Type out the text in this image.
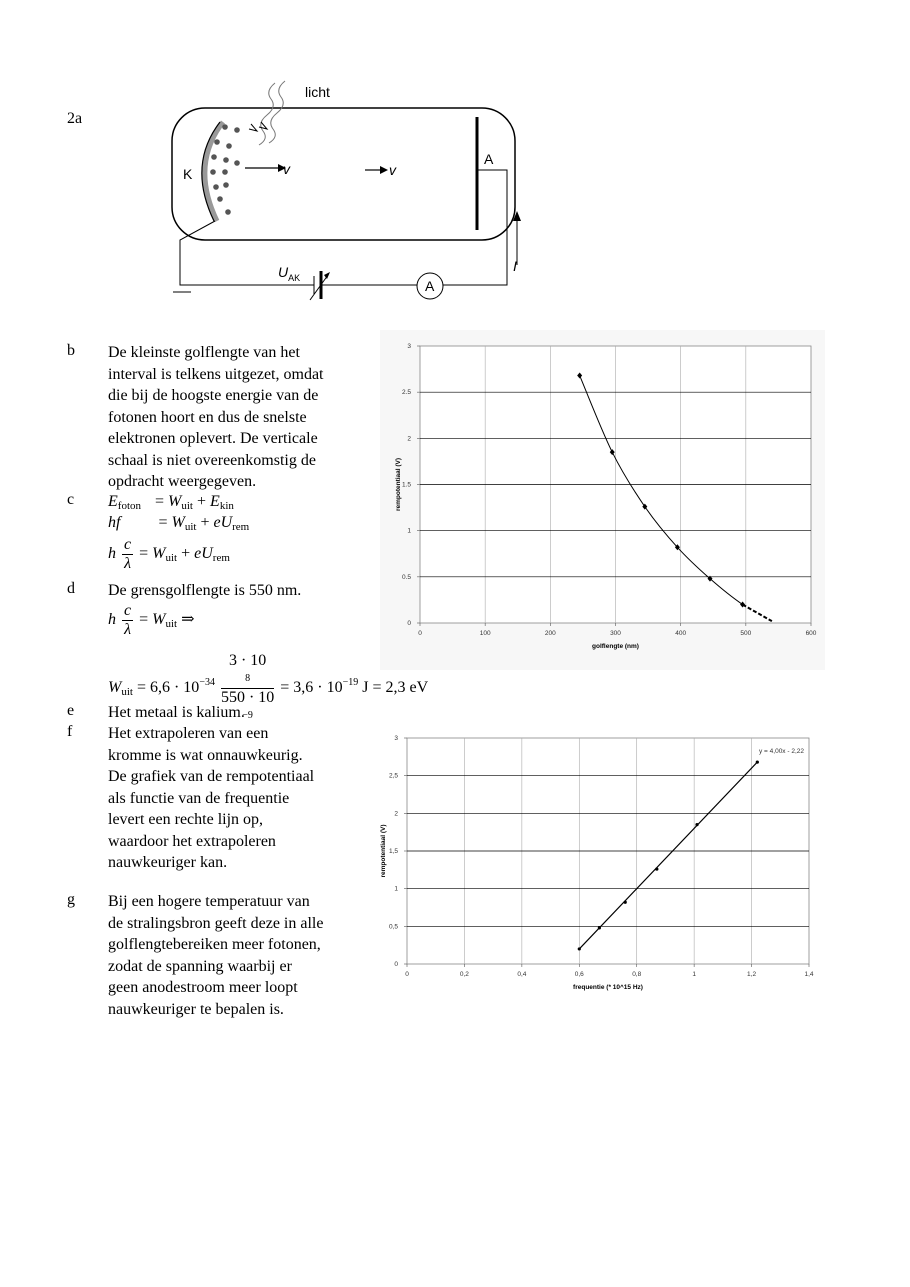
2a
b
c
d
e
f
g
licht
K	v	v
A
I
$U_{AK}$	A
De kleinste golflengte van het
interval is telkens uitgezet, omdat
die bij de hoogste energie van de
fotonen hoort en dus de snelste
elektronen oplevert. De verticale
schaal is niet overeenkomstig de
opdracht weergegeven.
$E_{foton} = W_{uit} + E_{kin}$
hf = $W_{uit} + eU_{rem}$
h $\frac{c}{\lambda} = W_{uit} + eU_{rem}$
De grensgolflengte is 550 nm.
h $\frac{c}{\lambda} = W_{uit}$ ⇒
$W_{uit} = 6,6 \cdot 10^{-34}$ 3 · 10
8
550 · 10
$-9 = 3,6 \cdot 10^{-19}$ J = 2,3 eV
Het metaal is kalium.
Het extrapoleren van een
kromme is wat onnauwkeurig.
De grafiek van de rempotentiaal
als functie van de frequentie
levert een rechte lijn op,
waardoor het extrapoleren
nauwkeuriger kan.
Bij een hogere temperatuur van
de stralingsbron geeft deze in alle
golflengtebereiken meer fotonen,
zodat de spanning waarbij er
geen anodestroom meer loopt
nauwkeuriger te bepalen is.
0	100	200	300	400	500	600
0
0.5
1
1.5
2
2.5
3
golflengte (nm)
rempotentiaal (V)
0	0,2	0,4	0,6	0,8	1	1,2	1,4
0
0,5
1
1,5
2
2,5
3
frequentie (* 10^15 Hz)
rempotentiaal (V)
y = 4,00x - 2,22
